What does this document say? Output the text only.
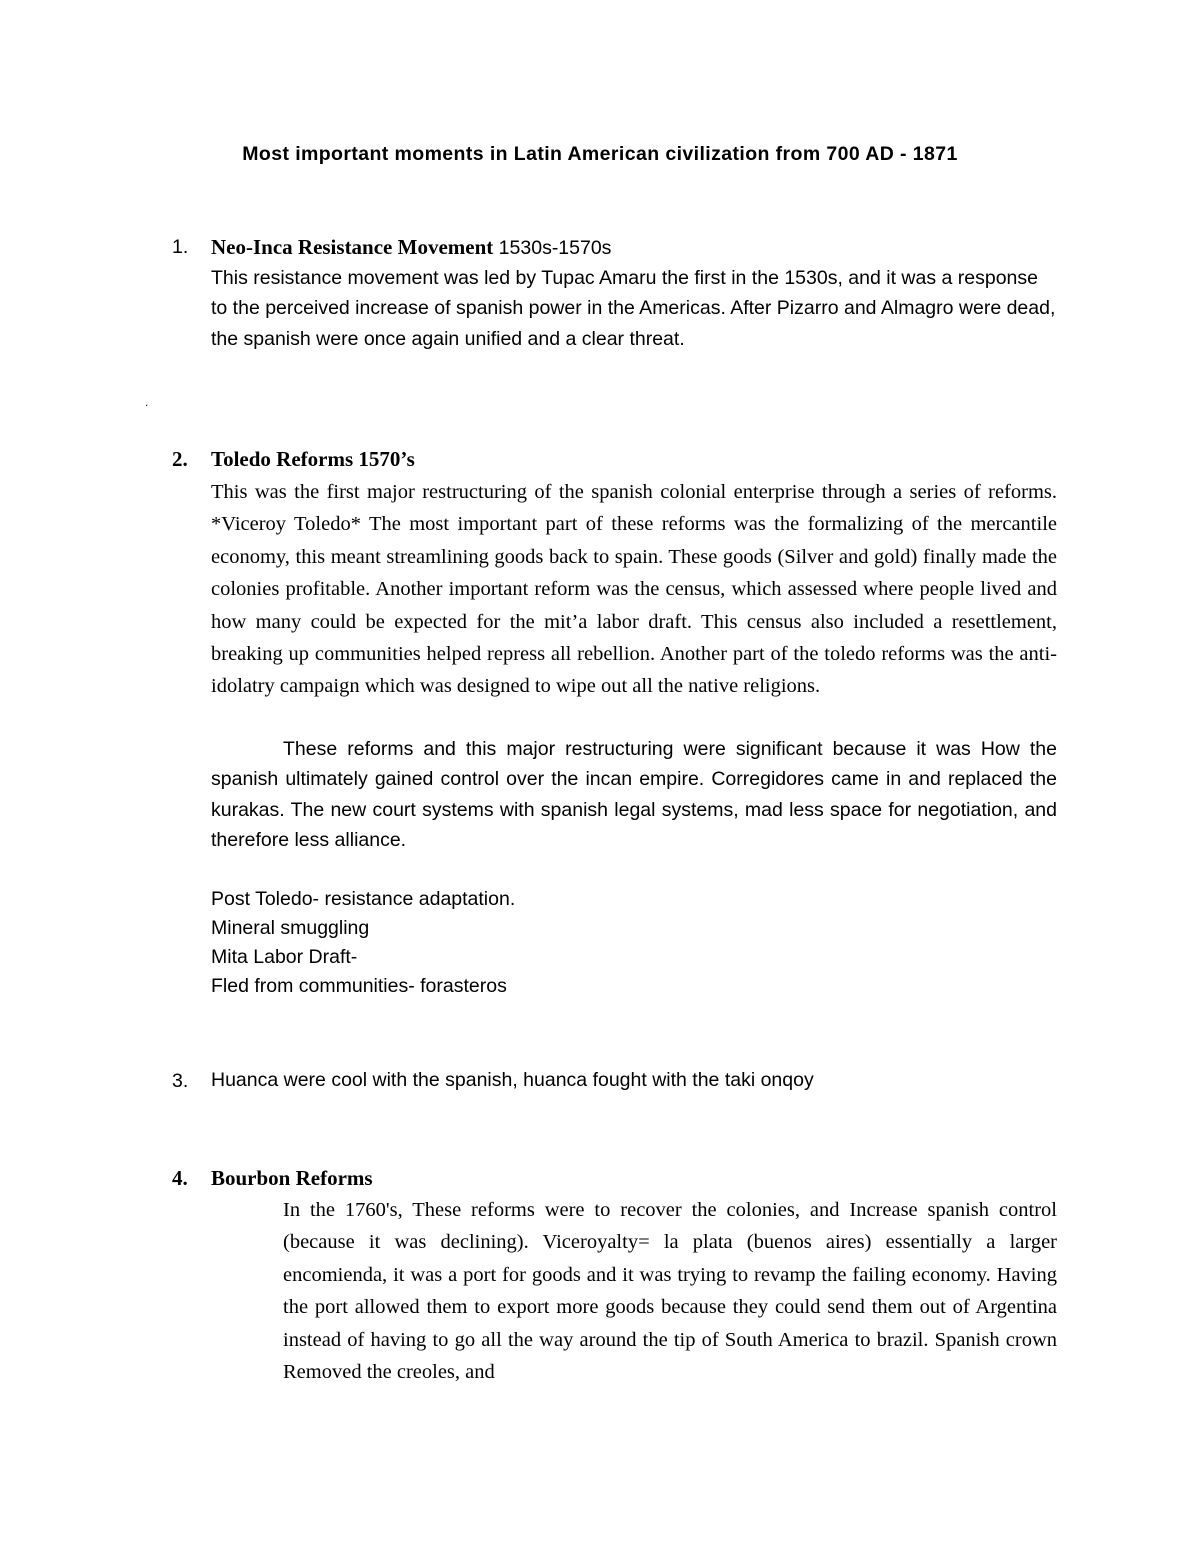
Most important moments in Latin American civilization from 700 AD - 1871
1. Neo-Inca Resistance Movement 1530s-1570s

This resistance movement was led by Tupac Amaru the first in the 1530s, and it was a response to the perceived increase of spanish power in the Americas. After Pizarro and Almagro were dead, the spanish were once again unified and a clear threat.

.
2. Toledo Reforms 1570’s

This was the first major restructuring of the spanish colonial enterprise through a series of reforms. *Viceroy Toledo* The most important part of these reforms was the formalizing of the mercantile economy, this meant streamlining goods back to spain. These goods (Silver and gold) finally made the colonies profitable. Another important reform was the census, which assessed where people lived and how many could be expected for the mit’a labor draft. This census also included a resettlement, breaking up communities helped repress all rebellion. Another part of the toledo reforms was the anti-idolatry campaign which was designed to wipe out all the native religions.

These reforms and this major restructuring were significant because it was How the spanish ultimately gained control over the incan empire. Corregidores came in and replaced the kurakas. The new court systems with spanish legal systems, mad less space for negotiation, and therefore less alliance.

Post Toledo- resistance adaptation.

Mineral smuggling

Mita Labor Draft-

Fled from communities- forasteros

3. Huanca were cool with the spanish, huanca fought with the taki onqoy

4. Bourbon Reforms

In the 1760's, These reforms were to recover the colonies, and Increase spanish control (because it was declining). Viceroyalty= la plata (buenos aires) essentially a larger encomienda, it was a port for goods and it was trying to revamp the failing economy. Having the port allowed them to export more goods because they could send them out of Argentina instead of having to go all the way around the tip of South America to brazil. Spanish crown Removed the creoles, and
